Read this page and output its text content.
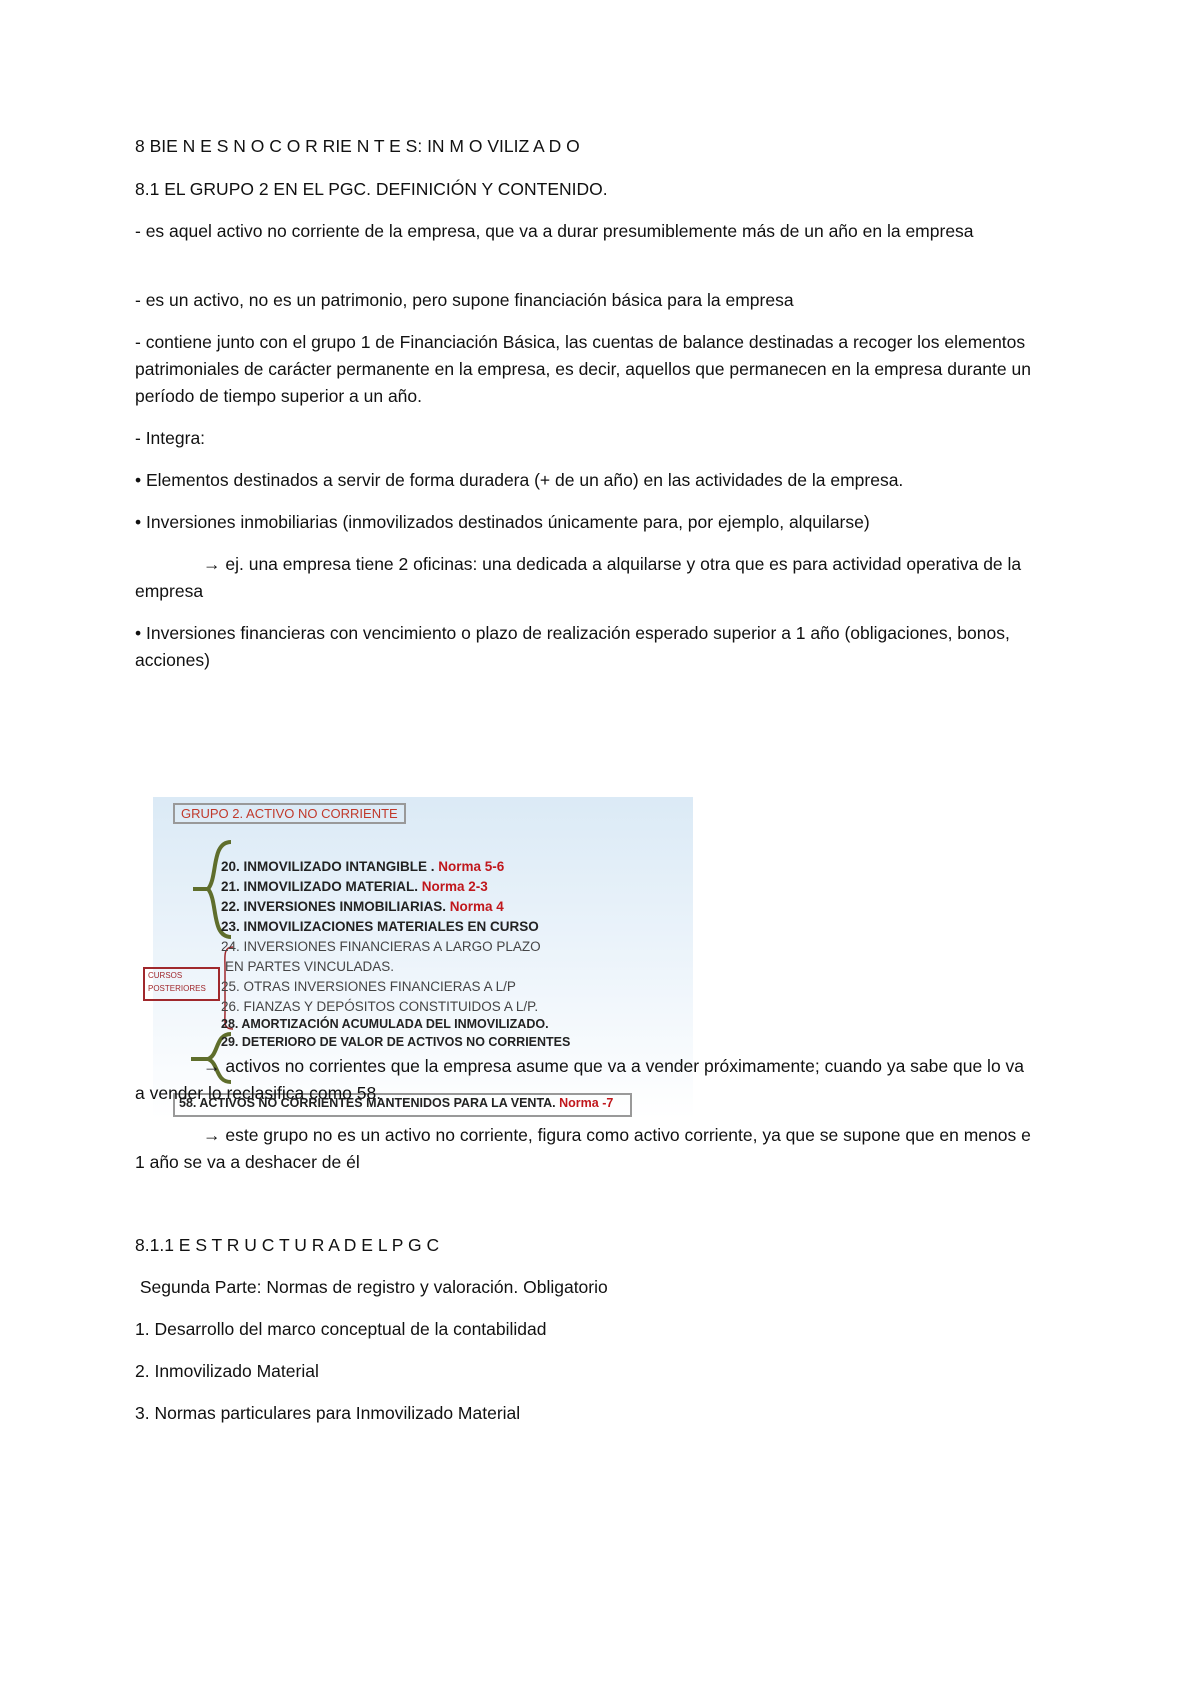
8 BIE N E S N O C O R RIE N T E S: IN M O VILIZ A D O
8.1 EL GRUPO 2 EN EL PGC. DEFINICIÓN Y CONTENIDO.
- es aquel activo no corriente de la empresa, que va a durar presumiblemente más de un año en la empresa
- es un activo, no es un patrimonio, pero supone financiación básica para la empresa
- contiene junto con el grupo 1 de Financiación Básica, las cuentas de balance destinadas a recoger los elementos patrimoniales de carácter permanente en la empresa, es decir, aquellos que permanecen en la empresa durante un período de tiempo superior a un año.
- Integra:
• Elementos destinados a servir de forma duradera (+ de un año) en las actividades de la empresa.
• Inversiones inmobiliarias (inmovilizados destinados únicamente para, por ejemplo, alquilarse)
→ ej. una empresa tiene 2 oficinas: una dedicada a alquilarse y otra que es para actividad operativa de la empresa
• Inversiones financieras con vencimiento o plazo de realización esperado superior a 1 año (obligaciones, bonos, acciones)
GRUPO 2. ACTIVO NO CORRIENTE
CURSOS
POSTERIORES
20. INMOVILIZADO INTANGIBLE . Norma 5-6
21. INMOVILIZADO MATERIAL. Norma 2-3
22. INVERSIONES INMOBILIARIAS. Norma 4
23. INMOVILIZACIONES MATERIALES EN CURSO
24. INVERSIONES FINANCIERAS A LARGO PLAZO
EN PARTES VINCULADAS.
25. OTRAS INVERSIONES FINANCIERAS A L/P
26. FIANZAS Y DEPÓSITOS CONSTITUIDOS A L/P.
28. AMORTIZACIÓN ACUMULADA DEL INMOVILIZADO.
29. DETERIORO DE VALOR DE ACTIVOS NO CORRIENTES
58. ACTIVOS NO CORRIENTES MANTENIDOS PARA LA VENTA. Norma -7
→ activos no corrientes que la empresa asume que va a vender próximamente; cuando ya sabe que lo va a vender lo reclasifica como 58.
→ este grupo no es un activo no corriente, figura como activo corriente, ya que se supone que en menos e 1 año se va a deshacer de él
8.1.1 E S T R U C T U R A D E L P G C
Segunda Parte: Normas de registro y valoración. Obligatorio
1. Desarrollo del marco conceptual de la contabilidad
2. Inmovilizado Material
3. Normas particulares para Inmovilizado Material
